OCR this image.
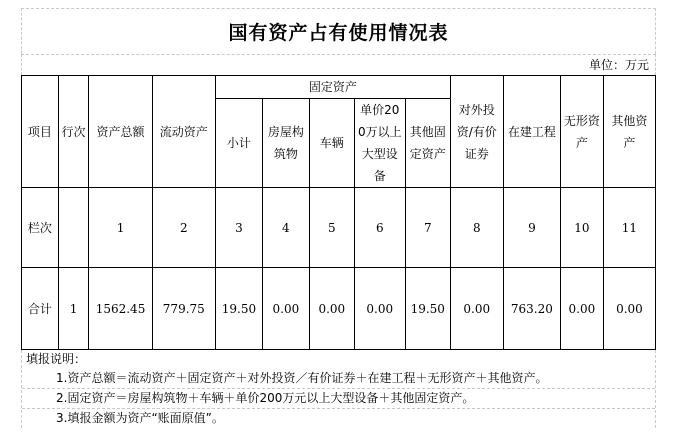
国有资产占有使用情况表
单位：万元
项目	行次	资产总额	流动资产	固定资产					对外投资/有价证券	在建工程	无形资产	其他资产
				小计	房屋构筑物	车辆	单价200万以上大型设备	其他固定资产				
栏次		1	2	3	4	5	6	7	8	9	10	11
合计	1	1562.45	779.75	19.50	0.00	0.00	0.00	19.50	0.00	763.20	0.00	0.00
填报说明：
1.资产总额＝流动资产＋固定资产＋对外投资／有价证券＋在建工程＋无形资产＋其他资产。
2.固定资产＝房屋构筑物＋车辆＋单价200万元以上大型设备＋其他固定资产。
3.填报金额为资产“账面原值”。
